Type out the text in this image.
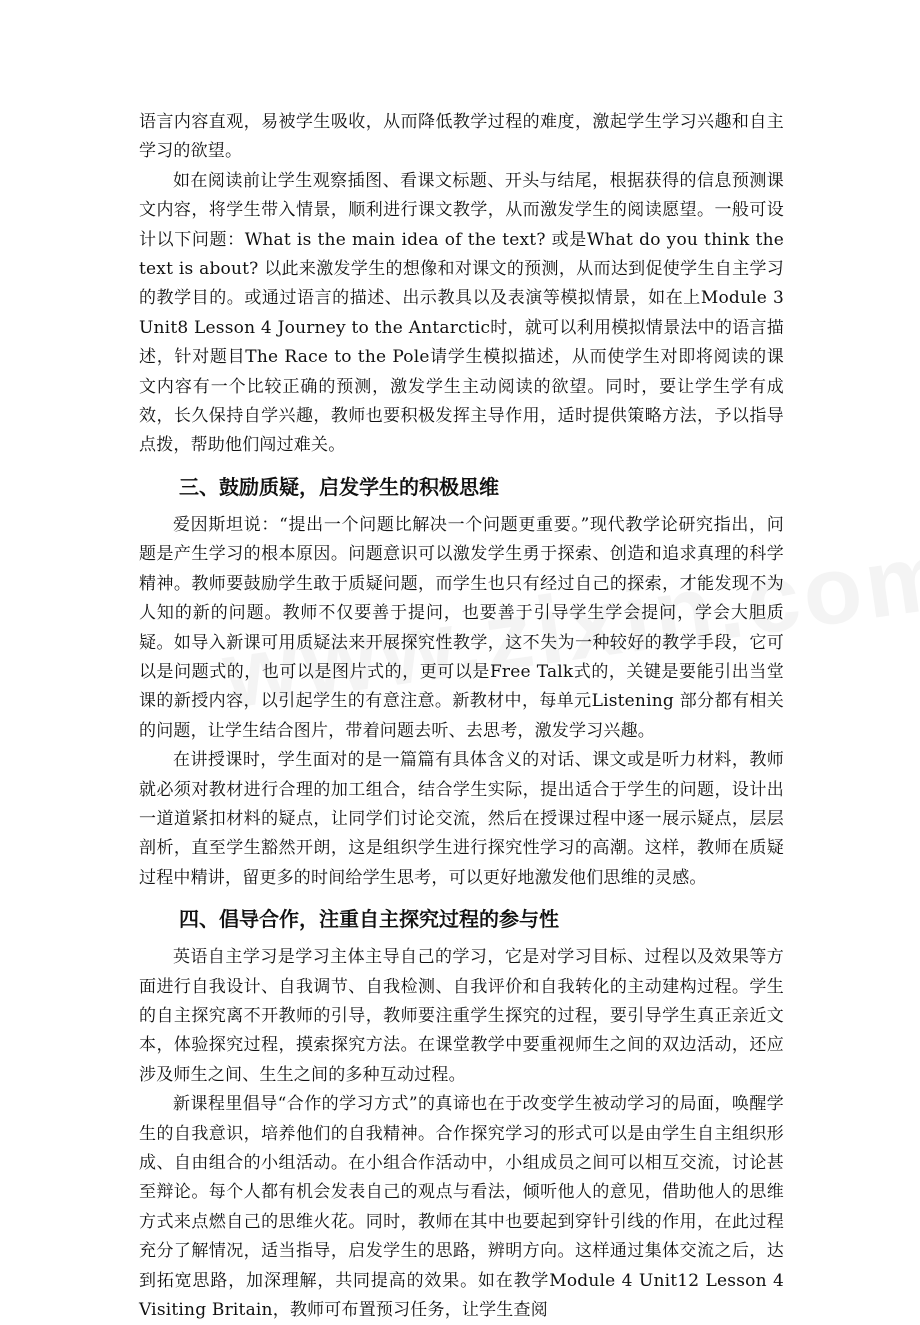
语言内容直观，易被学生吸收，从而降低教学过程的难度，激起学生学习兴趣和自主学习的欲望。

如在阅读前让学生观察插图、看课文标题、开头与结尾，根据获得的信息预测课文内容，将学生带入情景，顺利进行课文教学，从而激发学生的阅读愿望。一般可设计以下问题：What is the main idea of the text? 或是What do you think the text is about? 以此来激发学生的想像和对课文的预测，从而达到促使学生自主学习的教学目的。或通过语言的描述、出示教具以及表演等模拟情景，如在上Module 3 Unit8 Lesson 4 Journey to the Antarctic时，就可以利用模拟情景法中的语言描述，针对题目The Race to the Pole请学生模拟描述，从而使学生对即将阅读的课文内容有一个比较正确的预测，激发学生主动阅读的欲望。同时，要让学生学有成效，长久保持自学兴趣，教师也要积极发挥主导作用，适时提供策略方法，予以指导点拨，帮助他们闯过难关。

三、鼓励质疑，启发学生的积极思维

爱因斯坦说：“提出一个问题比解决一个问题更重要。”现代教学论研究指出，问题是产生学习的根本原因。问题意识可以激发学生勇于探索、创造和追求真理的科学精神。教师要鼓励学生敢于质疑问题，而学生也只有经过自己的探索，才能发现不为人知的新的问题。教师不仅要善于提问，也要善于引导学生学会提问，学会大胆质疑。如导入新课可用质疑法来开展探究性教学，这不失为一种较好的教学手段，它可以是问题式的，也可以是图片式的，更可以是Free Talk式的，关键是要能引出当堂课的新授内容，以引起学生的有意注意。新教材中，每单元Listening 部分都有相关的问题，让学生结合图片，带着问题去听、去思考，激发学习兴趣。

在讲授课时，学生面对的是一篇篇有具体含义的对话、课文或是听力材料，教师就必须对教材进行合理的加工组合，结合学生实际，提出适合于学生的问题，设计出一道道紧扣材料的疑点，让同学们讨论交流，然后在授课过程中逐一展示疑点，层层剖析，直至学生豁然开朗，这是组织学生进行探究性学习的高潮。这样，教师在质疑过程中精讲，留更多的时间给学生思考，可以更好地激发他们思维的灵感。

四、倡导合作，注重自主探究过程的参与性

英语自主学习是学习主体主导自己的学习，它是对学习目标、过程以及效果等方面进行自我设计、自我调节、自我检测、自我评价和自我转化的主动建构过程。学生的自主探究离不开教师的引导，教师要注重学生探究的过程，要引导学生真正亲近文本，体验探究过程，摸索探究方法。在课堂教学中要重视师生之间的双边活动，还应涉及师生之间、生生之间的多种互动过程。

新课程里倡导“合作的学习方式”的真谛也在于改变学生被动学习的局面，唤醒学生的自我意识，培养他们的自我精神。合作探究学习的形式可以是由学生自主组织形成、自由组合的小组活动。在小组合作活动中，小组成员之间可以相互交流，讨论甚至辩论。每个人都有机会发表自己的观点与看法，倾听他人的意见，借助他人的思维方式来点燃自己的思维火花。同时，教师在其中也要起到穿针引线的作用，在此过程充分了解情况，适当指导，启发学生的思路，辨明方向。这样通过集体交流之后，达到拓宽思路，加深理解，共同提高的效果。如在教学Module 4 Unit12 Lesson 4 Visiting Britain，教师可布置预习任务，让学生查阅
